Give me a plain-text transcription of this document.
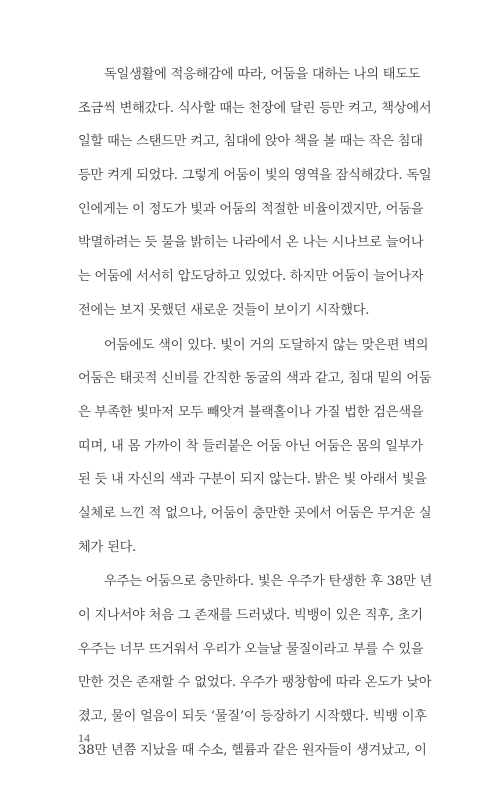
독일생활에 적응해감에 따라, 어둠을 대하는 나의 태도도
조금씩 변해갔다. 식사할 때는 천장에 달린 등만 켜고, 책상에서
일할 때는 스탠드만 켜고, 침대에 앉아 책을 볼 때는 작은 침대
등만 켜게 되었다. 그렇게 어둠이 빛의 영역을 잠식해갔다. 독일
인에게는 이 정도가 빛과 어둠의 적절한 비율이겠지만, 어둠을
박멸하려는 듯 불을 밝히는 나라에서 온 나는 시나브로 늘어나
는 어둠에 서서히 압도당하고 있었다. 하지만 어둠이 늘어나자
전에는 보지 못했던 새로운 것들이 보이기 시작했다.
어둠에도 색이 있다. 빛이 거의 도달하지 않는 맞은편 벽의
어둠은 태곳적 신비를 간직한 동굴의 색과 같고, 침대 밑의 어둠
은 부족한 빛마저 모두 빼앗겨 블랙홀이나 가질 법한 검은색을
띠며, 내 몸 가까이 착 들러붙은 어둠 아닌 어둠은 몸의 일부가
된 듯 내 자신의 색과 구분이 되지 않는다. 밝은 빛 아래서 빛을
실체로 느낀 적 없으나, 어둠이 충만한 곳에서 어둠은 무거운 실
체가 된다.
우주는 어둠으로 충만하다. 빛은 우주가 탄생한 후 38만 년
이 지나서야 처음 그 존재를 드러냈다. 빅뱅이 있은 직후, 초기
우주는 너무 뜨거워서 우리가 오늘날 물질이라고 부를 수 있을
만한 것은 존재할 수 없었다. 우주가 팽창함에 따라 온도가 낮아
졌고, 물이 얼음이 되듯 ‘물질’이 등장하기 시작했다. 빅뱅 이후
38만 년쯤 지났을 때 수소, 헬륨과 같은 원자들이 생겨났고, 이
14
